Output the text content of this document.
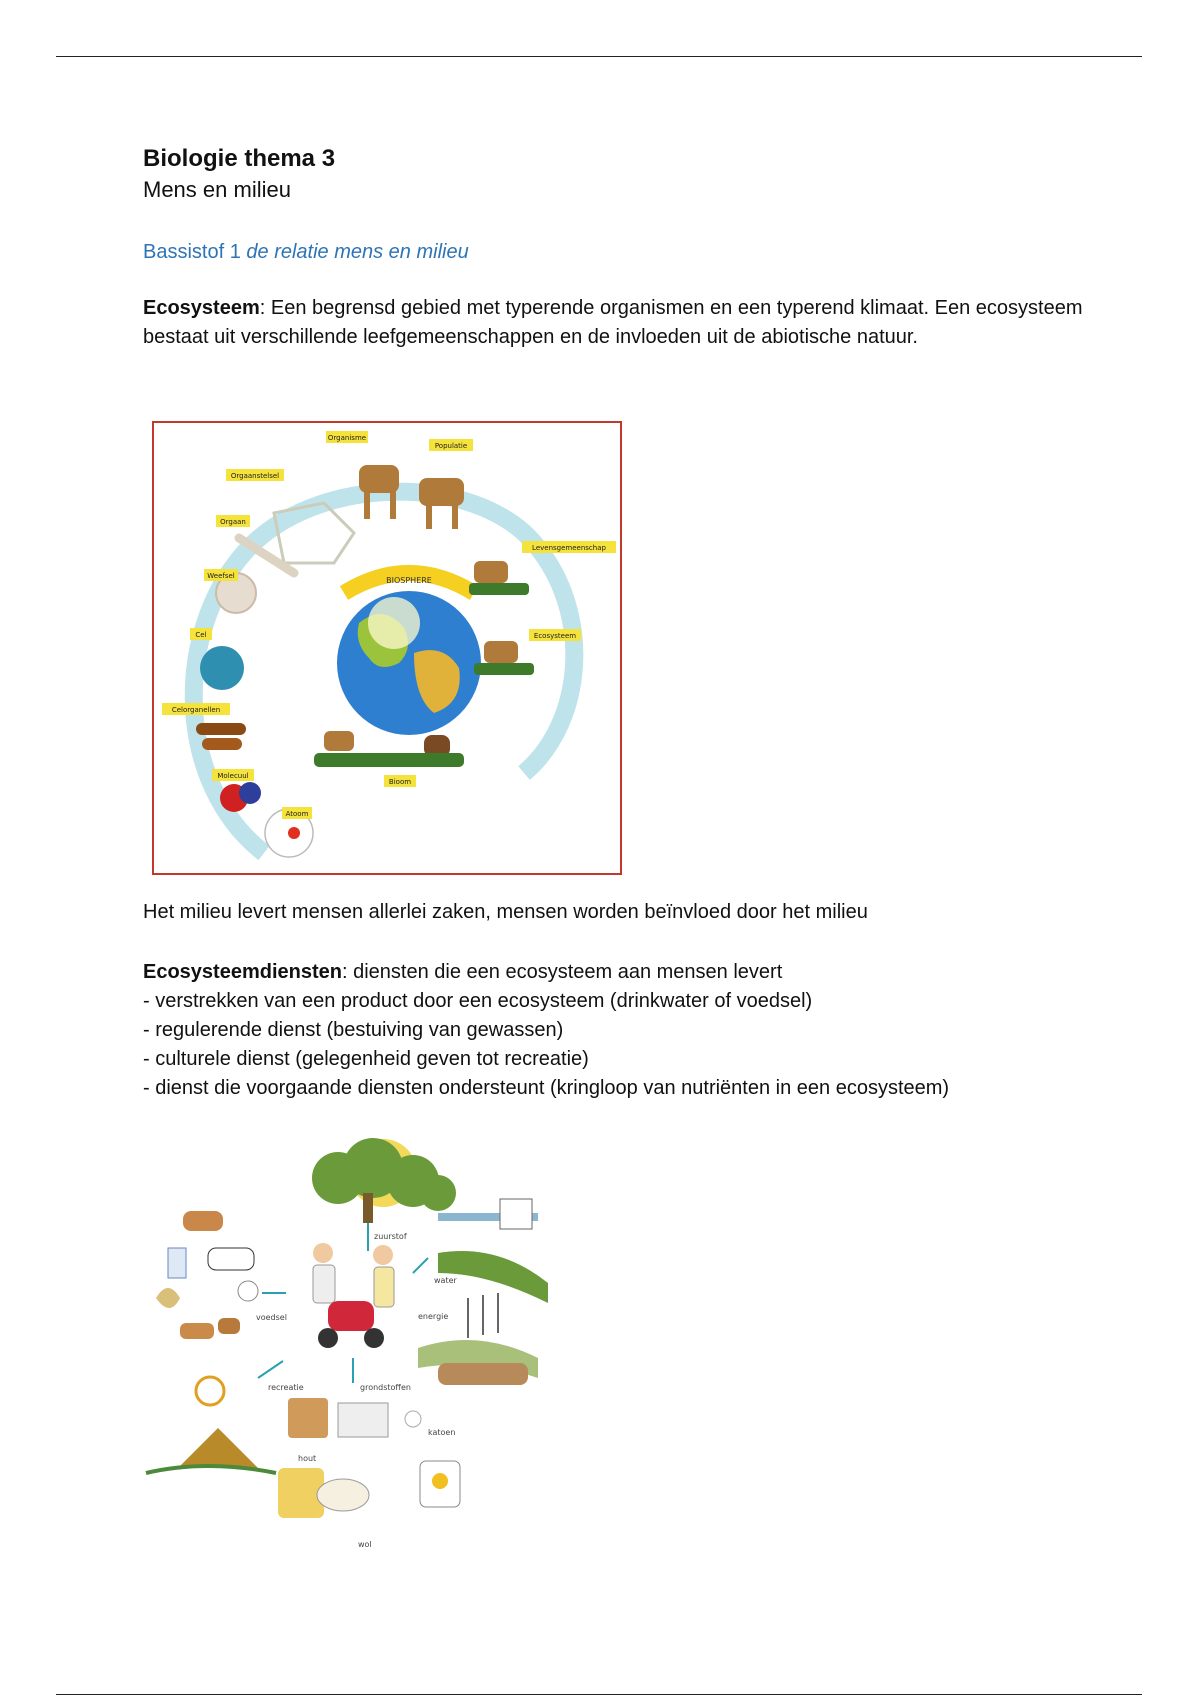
Biologie thema 3

Mens en milieu

Bassistof 1 de relatie mens en milieu

Ecosysteem: Een begrensd gebied met typerende organismen en een typerend klimaat. Een ecosysteem bestaat uit verschillende leefgemeenschappen en de invloeden uit de abiotische natuur.

BIOSPHERE
Organisme
Populatie
Orgaanstelsel
Orgaan
Weefsel
Cel
Celorganellen
Molecuul
Atoom
Levensgemeenschap
Ecosysteem
Bioom

Het milieu levert mensen allerlei zaken, mensen worden beïnvloed door het milieu

Ecosysteemdiensten: diensten die een ecosysteem aan mensen levert

- verstrekken van een product door een ecosysteem (drinkwater of voedsel)
- regulerende dienst (bestuiving van gewassen)
- culturele dienst (gelegenheid geven tot recreatie)
- dienst die voorgaande diensten ondersteunt (kringloop van nutriënten in een ecosysteem)
zuurstof
water
energie
voedsel
recreatie	grondstoffen
katoen
hout
wol
